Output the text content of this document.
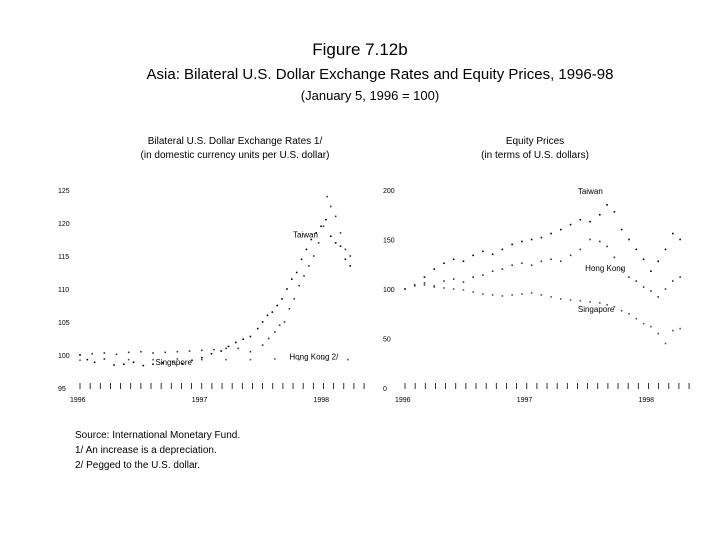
Figure 7.12b
Asia: Bilateral U.S. Dollar Exchange Rates and Equity Prices, 1996-98
(January 5, 1996 = 100)
Bilateral U.S. Dollar Exchange Rates 1/
(in domestic currency units per U.S. dollar)
Equity Prices
(in terms of U.S. dollars)
95
100
105
110
115
120
125
1996	1997	1998
Taiwan
Singapore
Hong Kong 2/
0
50
100
150
200
1996	1997	1998
Taiwan
Hong Kong
Singapore
Source: International Monetary Fund.
1/ An increase is a depreciation.
2/ Pegged to the U.S. dollar.
